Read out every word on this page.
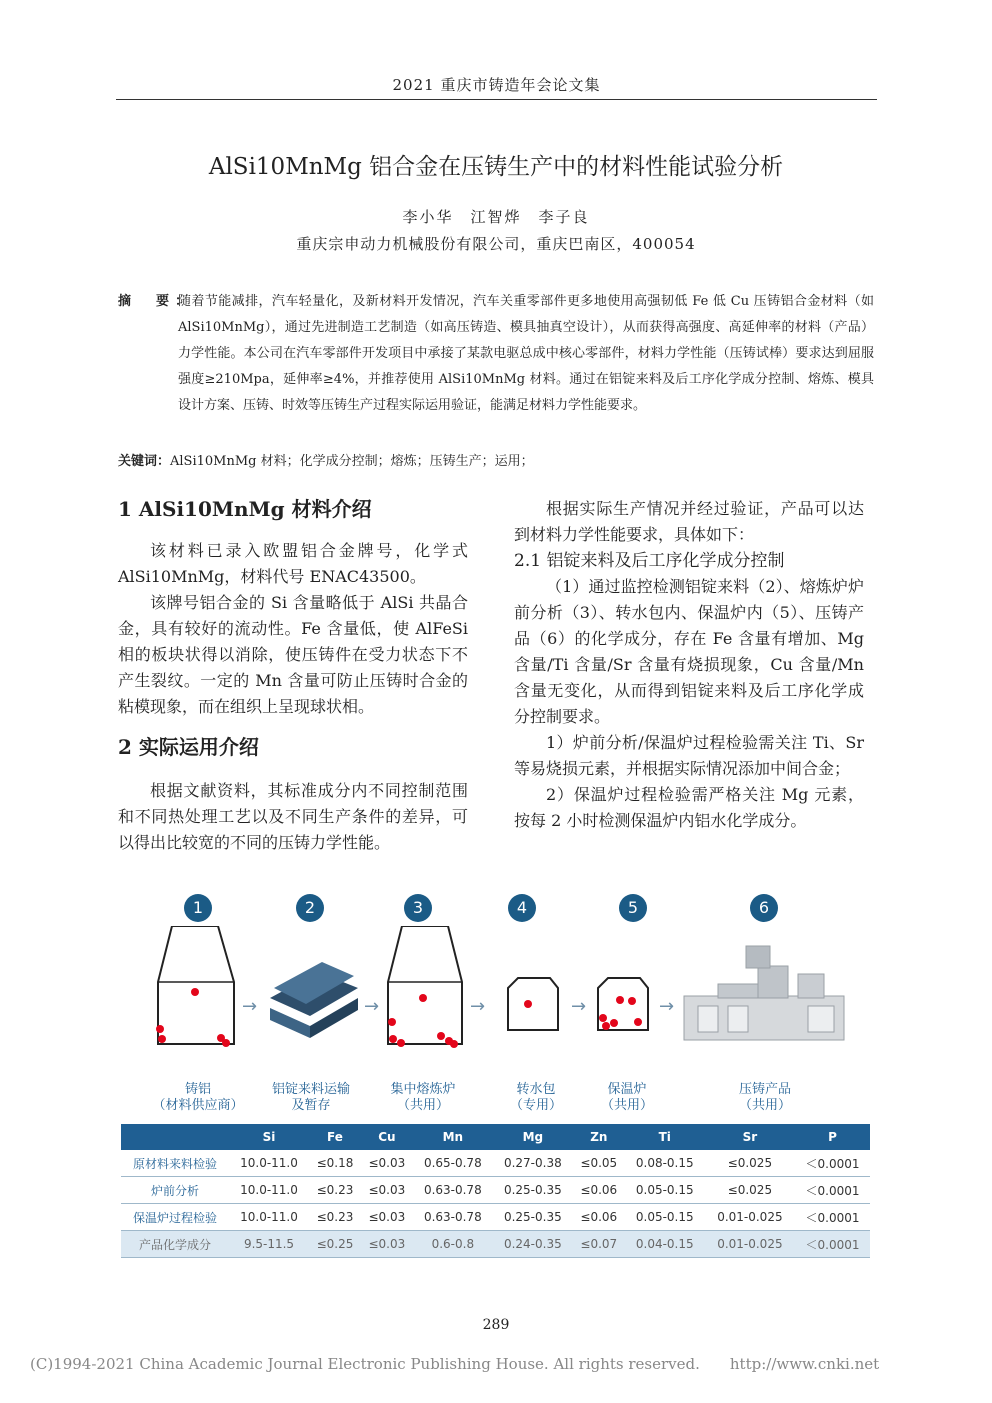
2021 重庆市铸造年会论文集
AlSi10MnMg 铝合金在压铸生产中的材料性能试验分析
李小华　江智烨　李子良
重庆宗申动力机械股份有限公司，重庆巴南区，400054
摘　要：
随着节能减排，汽车轻量化，及新材料开发情况，汽车关重零部件更多地使用高强韧低 Fe 低 Cu 压铸铝合金材料（如 AlSi10MnMg），通过先进制造工艺制造（如高压铸造、模具抽真空设计），从而获得高强度、高延伸率的材料（产品）力学性能。本公司在汽车零部件开发项目中承接了某款电驱总成中核心零部件，材料力学性能（压铸试棒）要求达到屈服强度≥210Mpa，延伸率≥4%，并推荐使用 AlSi10MnMg 材料。通过在铝锭来料及后工序化学成分控制、熔炼、模具设计方案、压铸、时效等压铸生产过程实际运用验证，能满足材料力学性能要求。
关键词：AlSi10MnMg 材料；化学成分控制；熔炼；压铸生产；运用；
1 AlSi10MnMg 材料介绍

该材料已录入欧盟铝合金牌号，化学式 AlSi10MnMg，材料代号 ENAC43500。

该牌号铝合金的 Si 含量略低于 AlSi 共晶合金，具有较好的流动性。Fe 含量低，使 AlFeSi 相的板块状得以消除，使压铸件在受力状态下不产生裂纹。一定的 Mn 含量可防止压铸时合金的粘模现象，而在组织上呈现球状相。

2 实际运用介绍

根据文献资料，其标准成分内不同控制范围和不同热处理工艺以及不同生产条件的差异，可以得出比较宽的不同的压铸力学性能。

根据实际生产情况并经过验证，产品可以达到材料力学性能要求，具体如下：

2.1 铝锭来料及后工序化学成分控制

（1）通过监控检测铝锭来料（2）、熔炼炉炉前分析（3）、转水包内、保温炉内（5）、压铸产品（6）的化学成分，存在 Fe 含量有增加、Mg 含量/Ti 含量/Sr 含量有烧损现象，Cu 含量/Mn 含量无变化，从而得到铝锭来料及后工序化学成分控制要求。

1）炉前分析/保温炉过程检验需关注 Ti、Sr 等易烧损元素，并根据实际情况添加中间合金；

2）保温炉过程检验需严格关注 Mg 元素，按每 2 小时检测保温炉内铝水化学成分。

1	2	3	4	5	6
→	→	→	→	→
铸铝
（材料供应商）
铝锭来料运输
及暂存
集中熔炼炉
（共用）
转水包
（专用）
保温炉
（共用）
压铸产品
（共用）
	Si	Fe	Cu	Mn	Mg	Zn	Ti	Sr	P
原材料来料检验	10.0-11.0	≤0.18	≤0.03	0.65-0.78	0.27-0.38	≤0.05	0.08-0.15	≤0.025	＜0.0001
炉前分析	10.0-11.0	≤0.23	≤0.03	0.63-0.78	0.25-0.35	≤0.06	0.05-0.15	≤0.025	＜0.0001
保温炉过程检验	10.0-11.0	≤0.23	≤0.03	0.63-0.78	0.25-0.35	≤0.06	0.05-0.15	0.01-0.025	＜0.0001
产品化学成分	9.5-11.5	≤0.25	≤0.03	0.6-0.8	0.24-0.35	≤0.07	0.04-0.15	0.01-0.025	＜0.0001
289
(C)1994-2021 China Academic Journal Electronic Publishing House. All rights reserved.　　http://www.cnki.net
